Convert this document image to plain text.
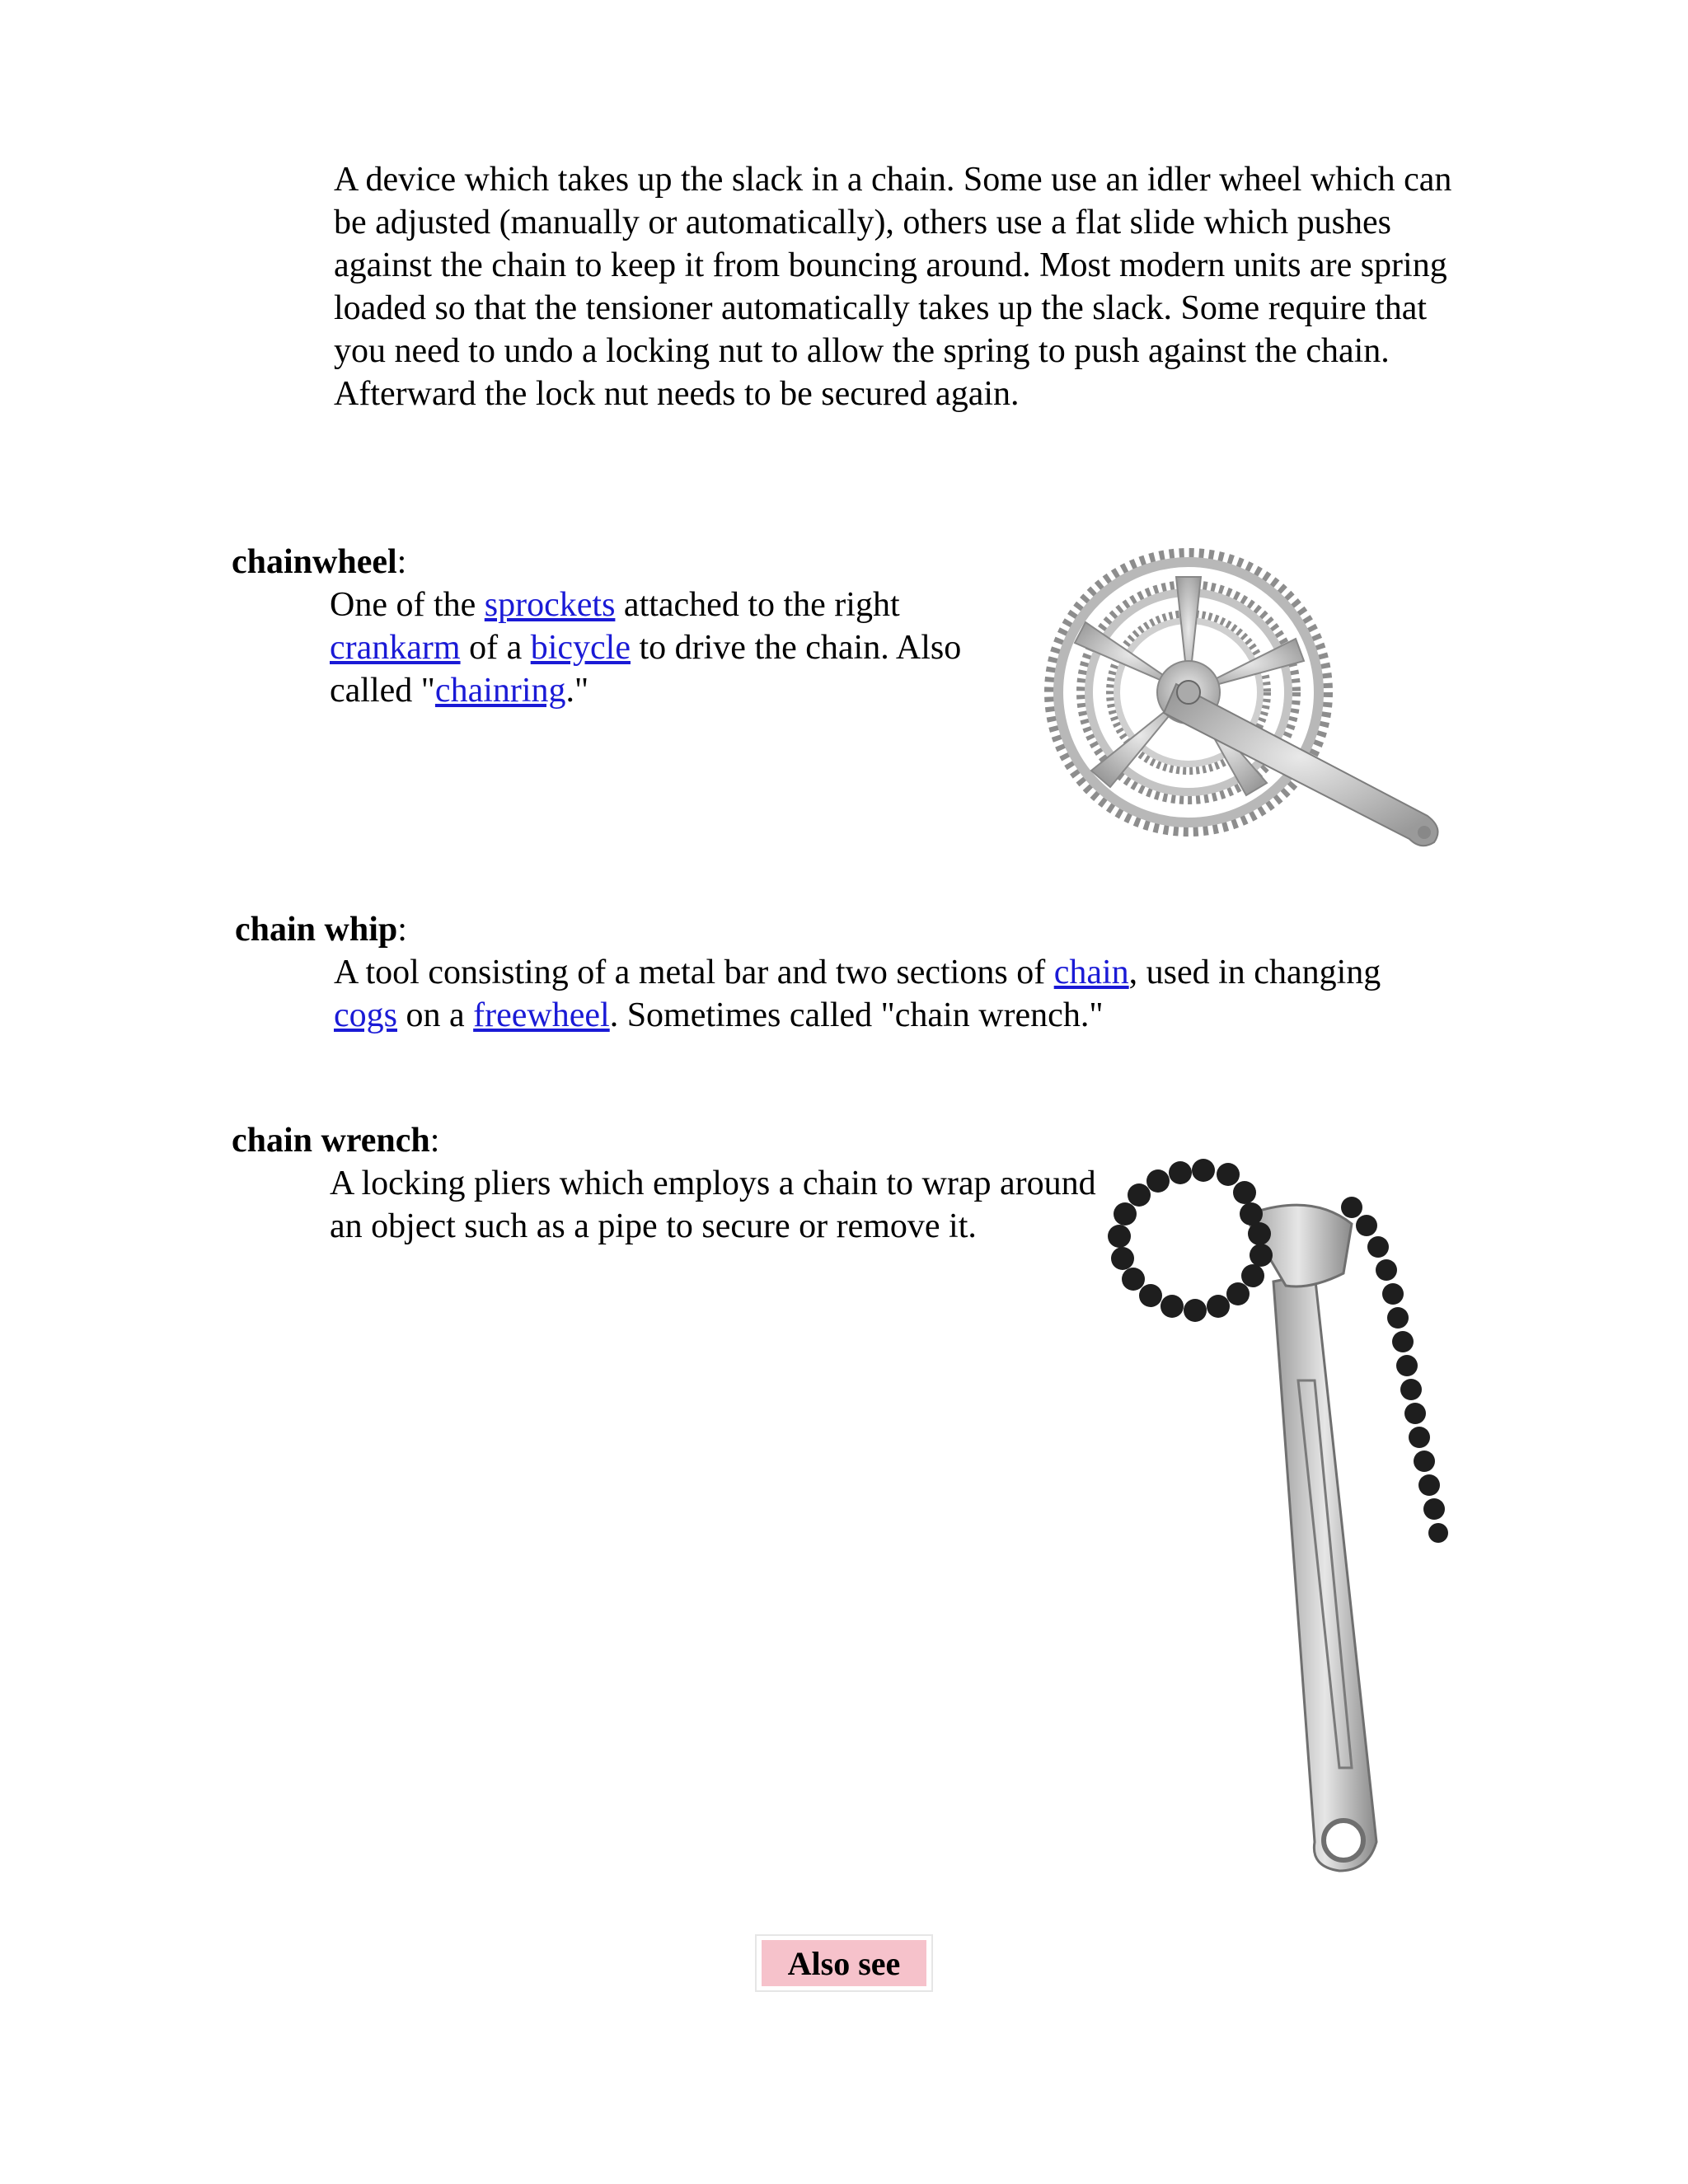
A device which takes up the slack in a chain. Some use an idler wheel which can be adjusted (manually or automatically), others use a flat slide which pushes against the chain to keep it from bouncing around. Most modern units are spring loaded so that the tensioner automatically takes up the slack. Some require that you need to undo a locking nut to allow the spring to push against the chain. Afterward the lock nut needs to be secured again.
chainwheel:
One of the sprockets attached to the right crankarm of a bicycle to drive the chain. Also called "chainring."
chain whip:
A tool consisting of a metal bar and two sections of chain, used in changing cogs on a freewheel. Sometimes called "chain wrench."
chain wrench:
A locking pliers which employs a chain to wrap around an object such as a pipe to secure or remove it.
Also see
